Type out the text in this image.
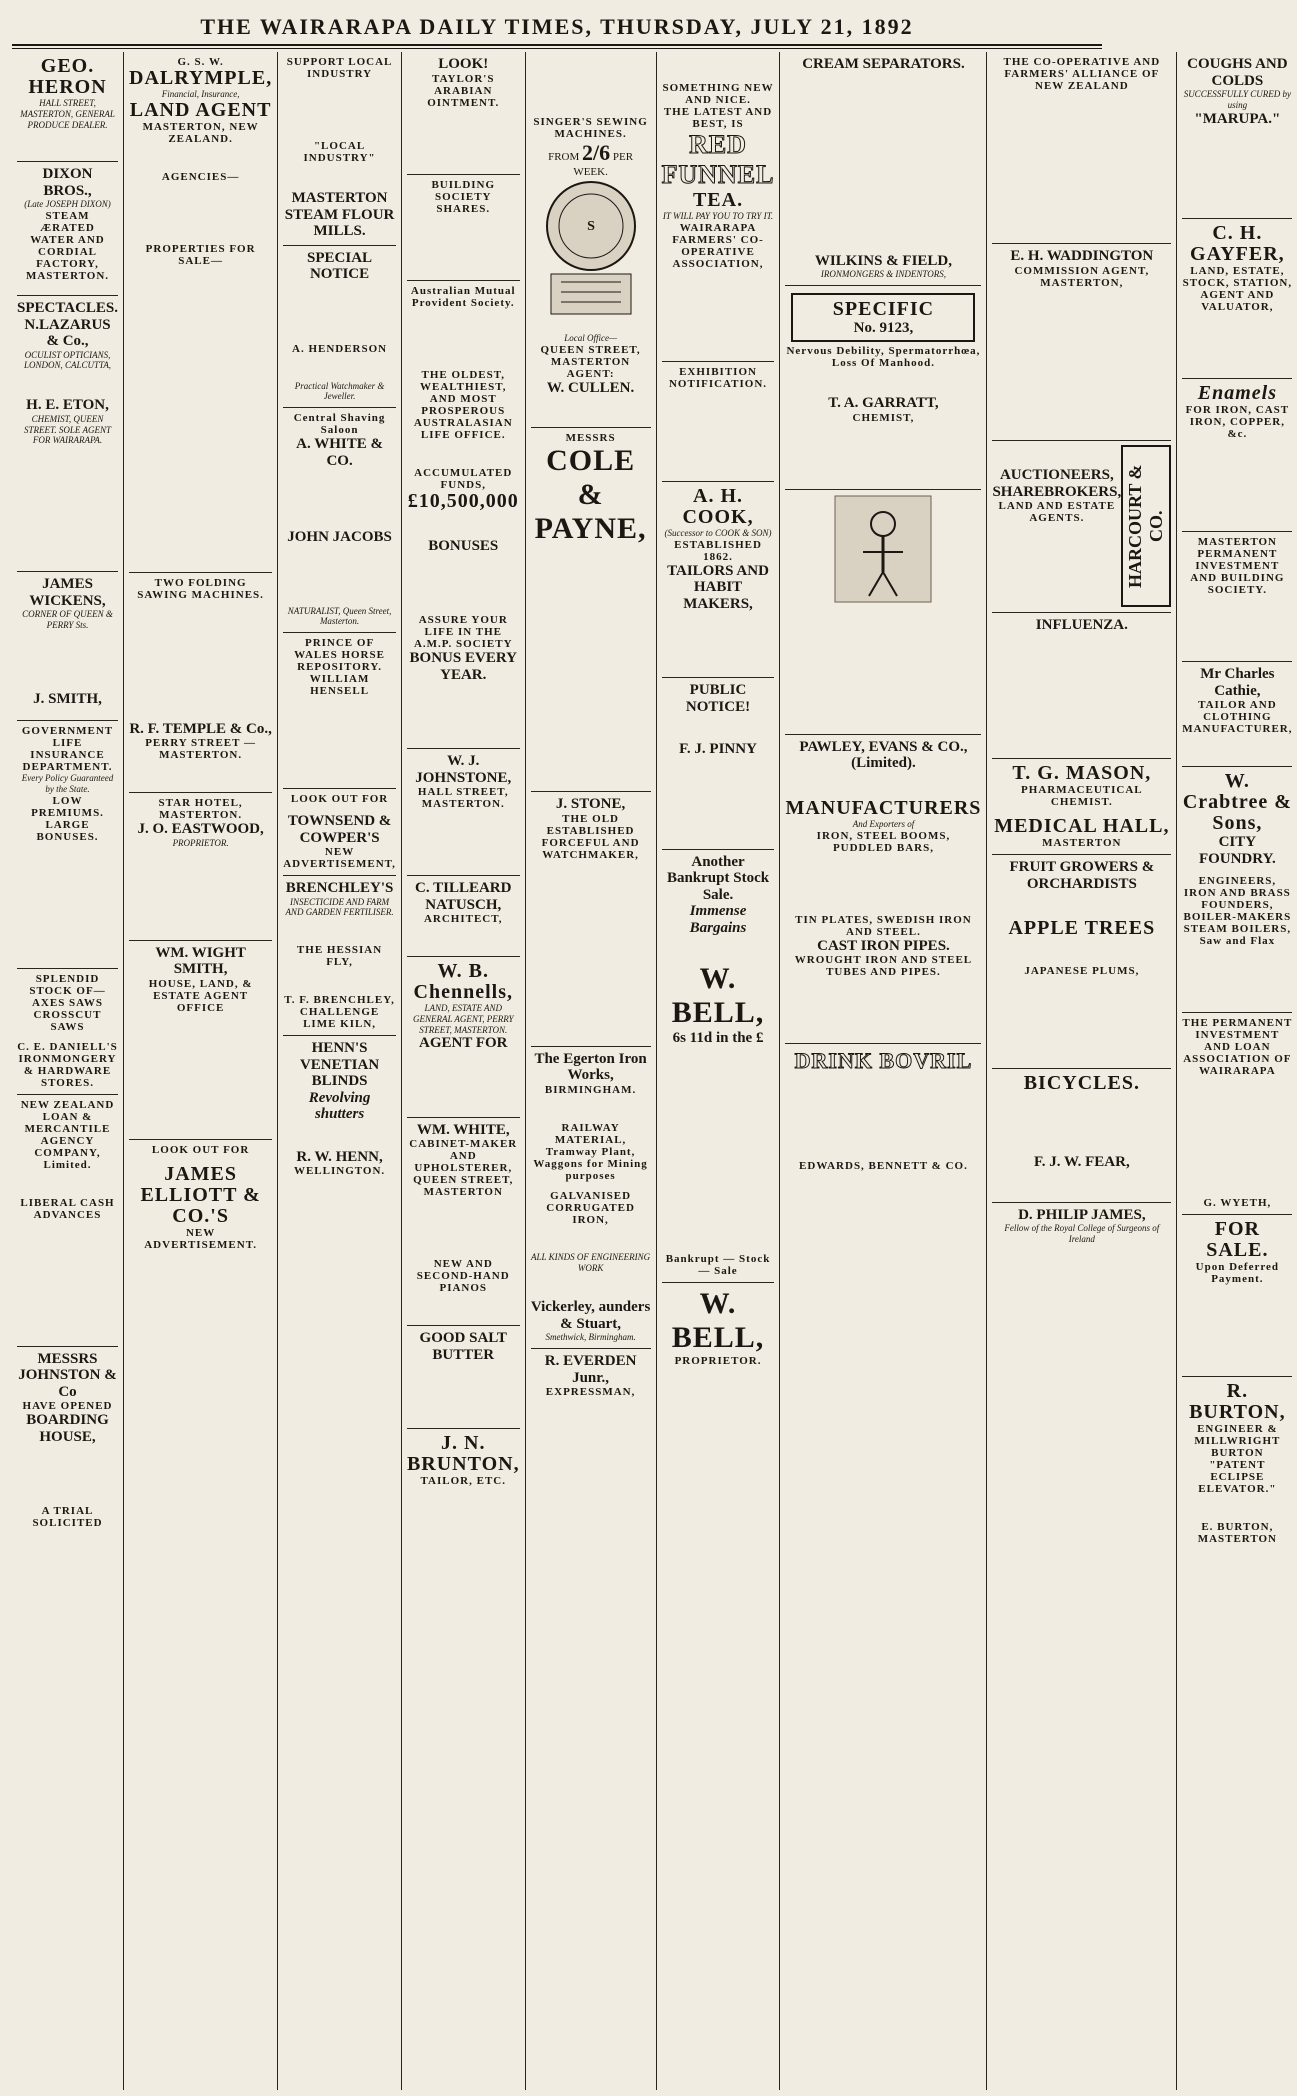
THE WAIRARAPA DAILY TIMES, THURSDAY, JULY 21, 1892
GEO. HERON
HALL STREET, MASTERTON, GENERAL PRODUCE DEALER.
DIXON BROS.,
(Late JOSEPH DIXON)
STEAM ÆRATED WATER AND CORDIAL FACTORY, MASTERTON.
SPECTACLES.
N.LAZARUS & Co.,
OCULIST OPTICIANS, LONDON, CALCUTTA,
H. E. ETON,
CHEMIST, QUEEN STREET. SOLE AGENT FOR WAIRARAPA.
JAMES WICKENS,
CORNER OF QUEEN & PERRY Sts.
J. SMITH,
GOVERNMENT LIFE INSURANCE DEPARTMENT.
Every Policy Guaranteed by the State.
LOW PREMIUMS.
LARGE BONUSES.
SPLENDID STOCK OF—
AXES SAWS CROSSCUT SAWS
C. E. DANIELL'S IRONMONGERY & HARDWARE STORES.
NEW ZEALAND LOAN & MERCANTILE AGENCY COMPANY, Limited.
LIBERAL CASH ADVANCES
MESSRS JOHNSTON & Co
HAVE OPENED
BOARDING HOUSE,
A TRIAL SOLICITED
G. S. W.
DALRYMPLE,
Financial, Insurance,
LAND AGENT
MASTERTON, NEW ZEALAND.
AGENCIES—
PROPERTIES FOR SALE—
TWO FOLDING SAWING MACHINES.
R. F. TEMPLE & Co.,
PERRY STREET — MASTERTON.
STAR HOTEL, MASTERTON.
J. O. EASTWOOD,
PROPRIETOR.
WM. WIGHT SMITH,
HOUSE, LAND, & ESTATE AGENT OFFICE
LOOK OUT FOR
JAMES ELLIOTT & CO.'S
NEW ADVERTISEMENT.
SUPPORT LOCAL INDUSTRY
"LOCAL INDUSTRY"
MASTERTON STEAM FLOUR MILLS.
SPECIAL NOTICE
A. HENDERSON
Practical Watchmaker & Jeweller.
Central Shaving Saloon
A. WHITE & CO.
JOHN JACOBS
NATURALIST, Queen Street, Masterton.
PRINCE OF WALES HORSE REPOSITORY.
WILLIAM HENSELL
LOOK OUT FOR
TOWNSEND & COWPER'S
NEW ADVERTISEMENT,
BRENCHLEY'S
INSECTICIDE AND FARM AND GARDEN FERTILISER.
THE HESSIAN FLY,
T. F. BRENCHLEY,
CHALLENGE LIME KILN,
HENN'S
VENETIAN BLINDS
Revolving shutters
R. W. HENN,
WELLINGTON.
LOOK!
TAYLOR'S ARABIAN OINTMENT.
BUILDING SOCIETY SHARES.
Australian Mutual Provident Society.
THE OLDEST, WEALTHIEST, AND MOST PROSPEROUS AUSTRALASIAN LIFE OFFICE.
ACCUMULATED FUNDS,
£10,500,000
BONUSES
ASSURE YOUR LIFE IN THE A.M.P. SOCIETY
BONUS EVERY YEAR.
W. J. JOHNSTONE,
HALL STREET, MASTERTON.
C. TILLEARD NATUSCH,
ARCHITECT,
W. B. Chennells,
LAND, ESTATE AND GENERAL AGENT, PERRY STREET, MASTERTON.
AGENT FOR
WM. WHITE,
CABINET-MAKER AND UPHOLSTERER, QUEEN STREET, MASTERTON
NEW AND SECOND-HAND PIANOS
GOOD SALT BUTTER
J. N. BRUNTON,
TAILOR, ETC.
SINGER'S SEWING MACHINES.
FROM 2/6 PER WEEK.
S
Local Office—
QUEEN STREET, MASTERTON
AGENT:
W. CULLEN.
MESSRS
COLE &
PAYNE,
J. STONE,
THE OLD ESTABLISHED FORCEFUL AND WATCHMAKER,
The Egerton Iron Works,
BIRMINGHAM.
RAILWAY MATERIAL, Tramway Plant, Waggons for Mining purposes
GALVANISED CORRUGATED IRON,
ALL KINDS OF ENGINEERING WORK
Vickerley, aunders & Stuart,
Smethwick, Birmingham.
R. EVERDEN Junr.,
EXPRESSMAN,
SOMETHING NEW AND NICE.
THE LATEST AND BEST, IS
RED FUNNEL
TEA.
IT WILL PAY YOU TO TRY IT.
WAIRARAPA FARMERS' CO-OPERATIVE ASSOCIATION,
EXHIBITION NOTIFICATION.
A. H. COOK,
(Successor to COOK & SON)
ESTABLISHED 1862.
TAILORS AND HABIT MAKERS,
PUBLIC NOTICE!
F. J. PINNY
Another Bankrupt Stock Sale.
Immense Bargains
W. BELL,
6s 11d in the £
Bankrupt — Stock — Sale
W. BELL,
PROPRIETOR.
CREAM SEPARATORS.
WILKINS & FIELD,
IRONMONGERS & INDENTORS,
SPECIFIC
No. 9123,
Nervous Debility, Spermatorrhœa, Loss Of Manhood.
T. A. GARRATT,
CHEMIST,
PAWLEY, EVANS & CO., (Limited).
MANUFACTURERS
And Exporters of
IRON, STEEL BOOMS, PUDDLED BARS,
TIN PLATES, SWEDISH IRON AND STEEL.
CAST IRON PIPES.
WROUGHT IRON AND STEEL TUBES AND PIPES.
DRINK BOVRIL
EDWARDS, BENNETT & CO.
THE CO-OPERATIVE AND FARMERS' ALLIANCE OF NEW ZEALAND
E. H. WADDINGTON
COMMISSION AGENT, MASTERTON,
AUCTIONEERS,
SHAREBROKERS,
LAND AND ESTATE AGENTS.	HARCOURT & CO.
INFLUENZA.
T. G. MASON,
PHARMACEUTICAL CHEMIST.
MEDICAL HALL,
MASTERTON
FRUIT GROWERS & ORCHARDISTS
APPLE TREES
JAPANESE PLUMS,
BICYCLES.
F. J. W. FEAR,
D. PHILIP JAMES,
Fellow of the Royal College of Surgeons of Ireland
COUGHS AND COLDS
SUCCESSFULLY CURED by using
"MARUPA."
C. H. GAYFER,
LAND, ESTATE, STOCK, STATION, AGENT AND VALUATOR,
Enamels
FOR IRON, CAST IRON, COPPER, &c.
MASTERTON PERMANENT INVESTMENT AND BUILDING SOCIETY.
Mr Charles Cathie,
TAILOR AND CLOTHING MANUFACTURER,
W. Crabtree & Sons,
CITY FOUNDRY.
ENGINEERS, IRON AND BRASS FOUNDERS, BOILER-MAKERS
STEAM BOILERS, Saw and Flax
THE PERMANENT INVESTMENT AND LOAN ASSOCIATION OF WAIRARAPA
G. WYETH,
FOR SALE.
Upon Deferred Payment.
R. BURTON,
ENGINEER & MILLWRIGHT
BURTON "PATENT ECLIPSE ELEVATOR."
E. BURTON, MASTERTON
